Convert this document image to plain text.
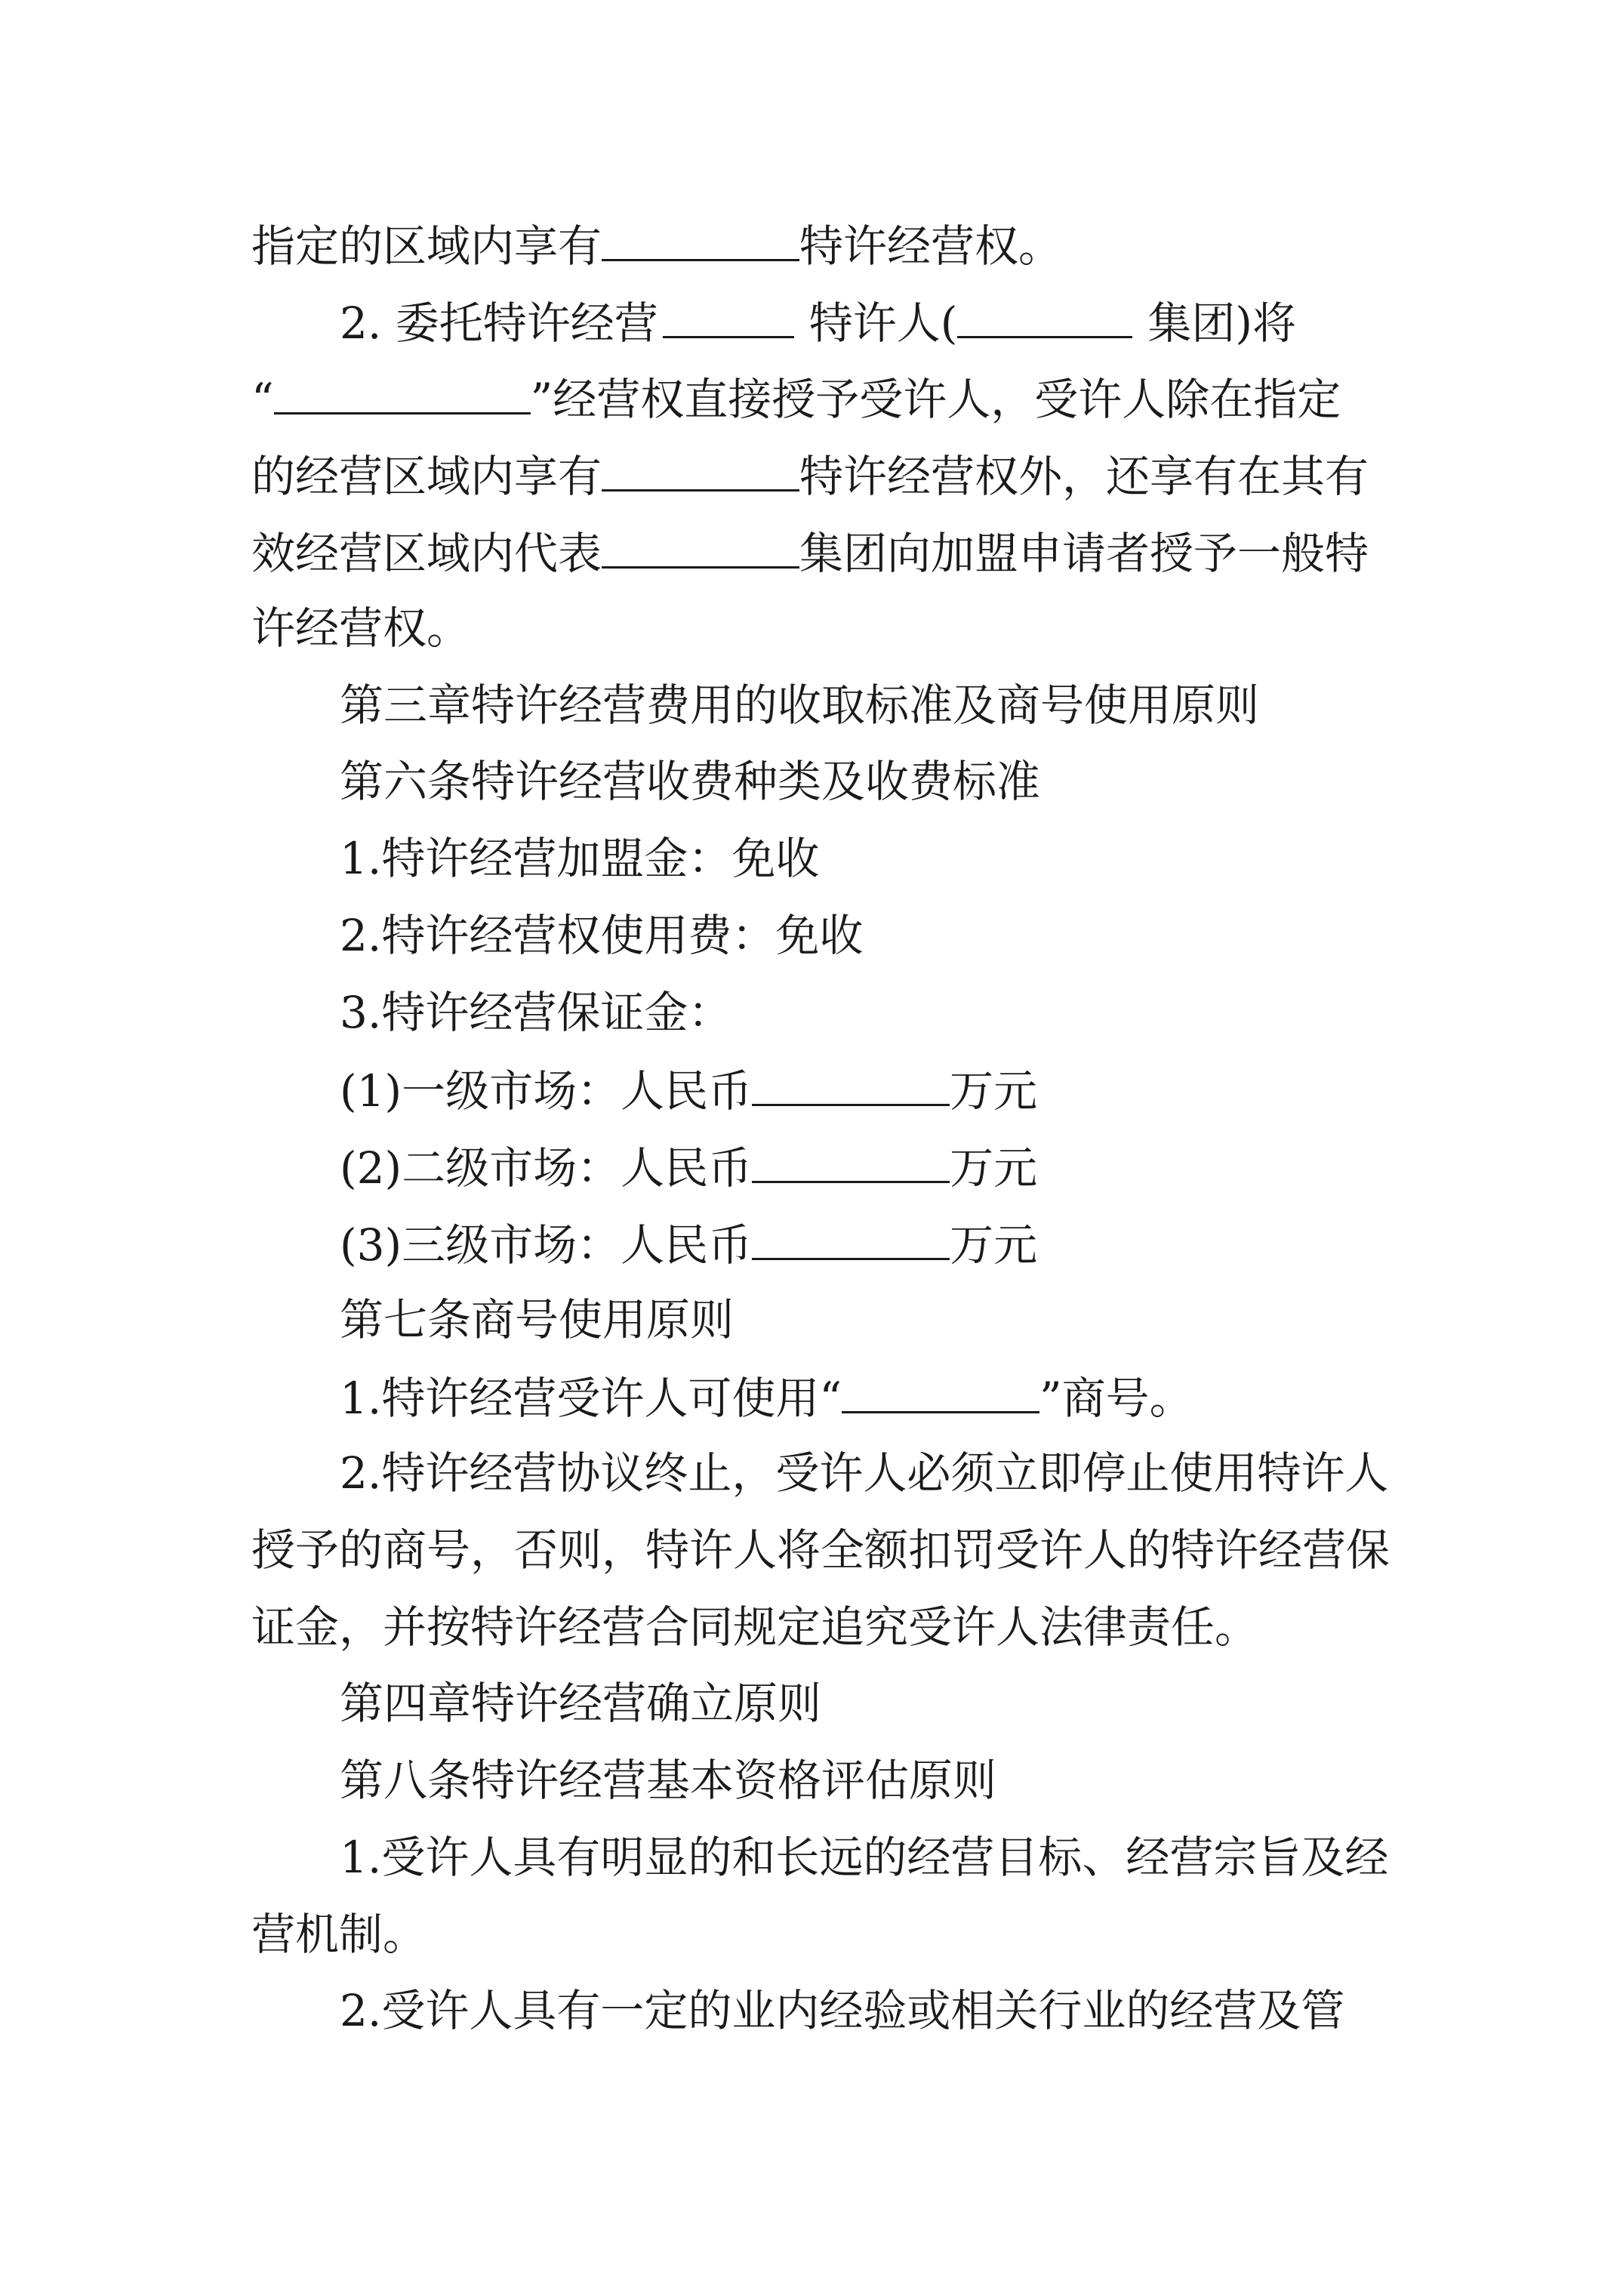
指定的区域内享有	特许经营权。
2. 委托特许经营	特许人(	集团)将
“	”经营权直接授予受许人，受许人除在指定
的经营区域内享有	特许经营权外，还享有在其有
效经营区域内代表	集团向加盟申请者授予一般特
许经营权。
第三章特许经营费用的收取标准及商号使用原则
第六条特许经营收费种类及收费标准
1.特许经营加盟金：免收
2.特许经营权使用费：免收
3.特许经营保证金：
(1)一级市场：人民币	万元
(2)二级市场：人民币	万元
(3)三级市场：人民币	万元
第七条商号使用原则
1.特许经营受许人可使用“	”商号。
2.特许经营协议终止，受许人必须立即停止使用特许人
授予的商号，否则，特许人将全额扣罚受许人的特许经营保
证金，并按特许经营合同规定追究受许人法律责任。
第四章特许经营确立原则
第八条特许经营基本资格评估原则
1.受许人具有明显的和长远的经营目标、经营宗旨及经
营机制。
2.受许人具有一定的业内经验或相关行业的经营及管
